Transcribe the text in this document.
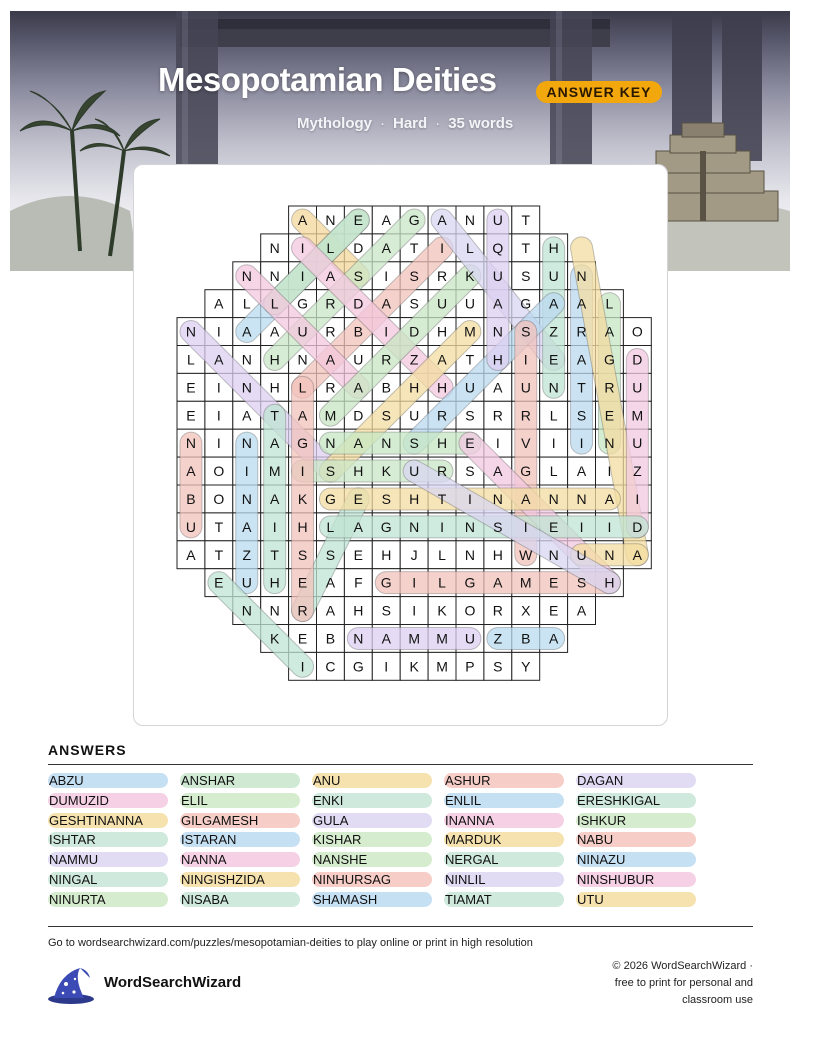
Mesopotamian Deities	ANSWER KEY
Mythology · Hard · 35 words
A N E A G A N U T
N I L D A T I L Q T H
N N I A S I S R K U S U N
A L L G R D A S U U A G A A L
N I A A U R B I D H M N S Z R A O
L A N H N A U R Z A T H I E A G D
E I N H L R A B H H U A U N T R U
E I A T A M D S U R S R R L S E M
N I N A G N A N S H E I V I I N U
A O I M I S H K U R S A G L A I Z
B O N A K G E S H T I N A N N A I
U T A I H L A G N I N S I E I I D
A T Z T S S E H J L N H W N U N A
E U H E A F G I L G A M E S H
N N R A H S I K O R X E A
K E B N A M M U Z B A
I C G I K M P S Y
ANSWERS
ABZU
DUMUZID
GESHTINANNA
ISHTAR
NAMMU
NINGAL
NINURTA
ANSHAR
ELIL
GILGAMESH
ISTARAN
NANNA
NINGISHZIDA
NISABA
ANU
ENKI
GULA
KISHAR
NANSHE
NINHURSAG
SHAMASH
ASHUR
ENLIL
INANNA
MARDUK
NERGAL
NINLIL
TIAMAT
DAGAN
ERESHKIGAL
ISHKUR
NABU
NINAZU
NINSHUBUR
UTU
Go to wordsearchwizard.com/puzzles/mesopotamian-deities to play online or print in high resolution
WordSearchWizard
© 2026 WordSearchWizard ·
free to print for personal and
classroom use
